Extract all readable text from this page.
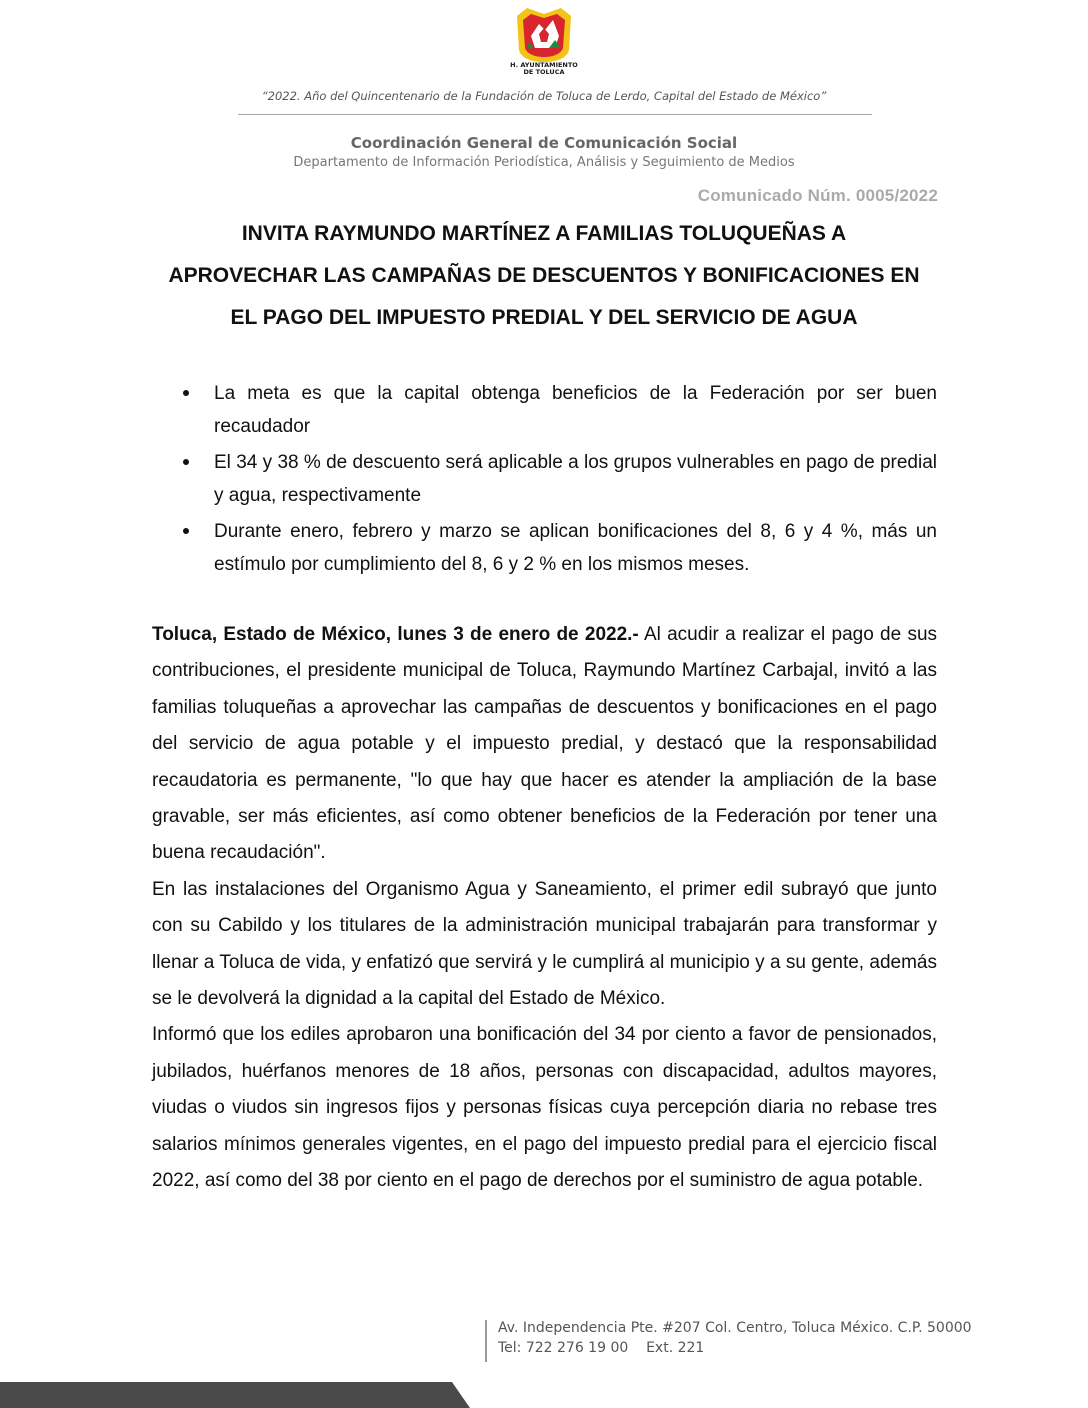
H. AYUNTAMIENTO
DE TOLUCA
“2022. Año del Quincentenario de la Fundación de Toluca de Lerdo, Capital del Estado de México”
Coordinación General de Comunicación Social
Departamento de Información Periodística, Análisis y Seguimiento de Medios
Comunicado Núm. 0005/2022
INVITA RAYMUNDO MARTÍNEZ A FAMILIAS TOLUQUEÑAS A APROVECHAR LAS CAMPAÑAS DE DESCUENTOS Y BONIFICACIONES EN EL PAGO DEL IMPUESTO PREDIAL Y DEL SERVICIO DE AGUA
La meta es que la capital obtenga beneficios de la Federación por ser buen recaudador
El 34 y 38 % de descuento será aplicable a los grupos vulnerables en pago de predial y agua, respectivamente
Durante enero, febrero y marzo se aplican bonificaciones del 8, 6 y 4 %, más un estímulo por cumplimiento del 8, 6 y 2 % en los mismos meses.

Toluca, Estado de México, lunes 3 de enero de 2022.- Al acudir a realizar el pago de sus contribuciones, el presidente municipal de Toluca, Raymundo Martínez Carbajal, invitó a las familias toluqueñas a aprovechar las campañas de descuentos y bonificaciones en el pago del servicio de agua potable y el impuesto predial, y destacó que la responsabilidad recaudatoria es permanente, "lo que hay que hacer es atender la ampliación de la base gravable, ser más eficientes, así como obtener beneficios de la Federación por tener una buena recaudación".

En las instalaciones del Organismo Agua y Saneamiento, el primer edil subrayó que junto con su Cabildo y los titulares de la administración municipal trabajarán para transformar y llenar a Toluca de vida, y enfatizó que servirá y le cumplirá al municipio y a su gente, además se le devolverá la dignidad a la capital del Estado de México.

Informó que los ediles aprobaron una bonificación del 34 por ciento a favor de pensionados, jubilados, huérfanos menores de 18 años, personas con discapacidad, adultos mayores, viudas o viudos sin ingresos fijos y personas físicas cuya percepción diaria no rebase tres salarios mínimos generales vigentes, en el pago del impuesto predial para el ejercicio fiscal 2022, así como del 38 por ciento en el pago de derechos por el suministro de agua potable.

Av. Independencia Pte. #207 Col. Centro, Toluca México. C.P. 50000
Tel: 722 276 19 00 Ext. 221
